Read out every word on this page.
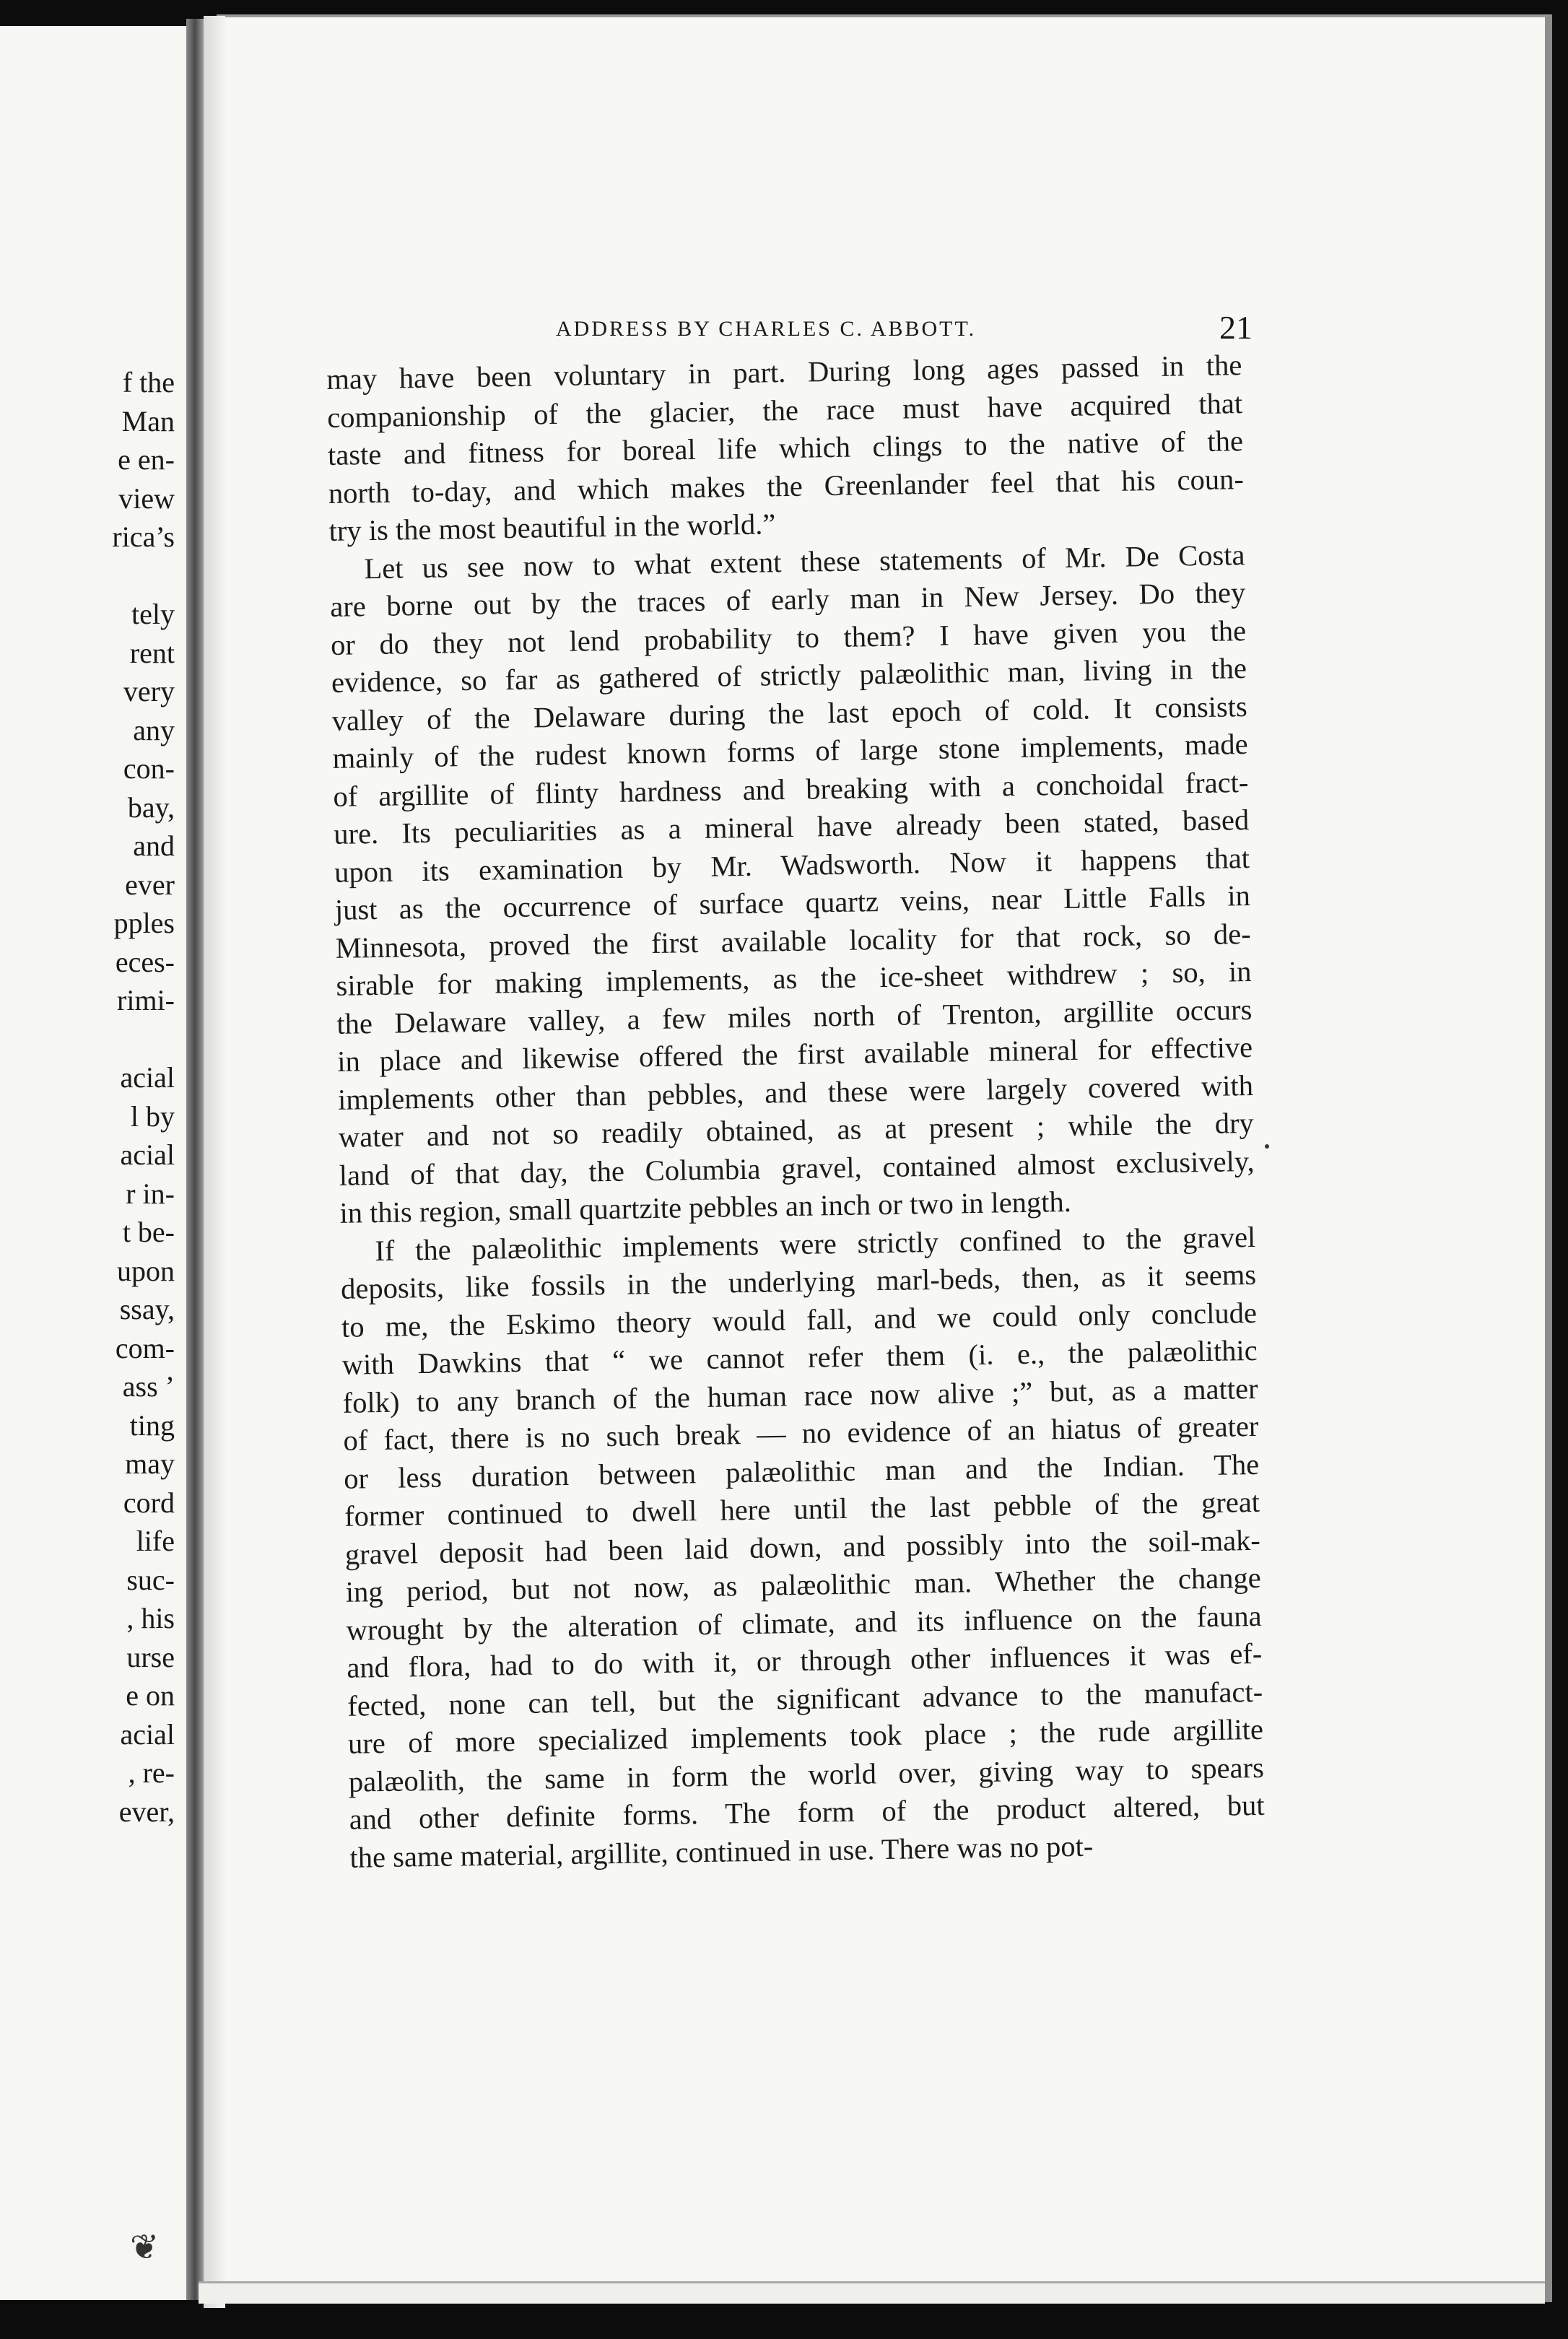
f the
Man
e en-
view
rica’s
tely
rent
very
any
con-
bay,
and
ever
pples
eces-
rimi-
acial
l by
acial
r in-
t be-
upon
ssay,
com-
ass ’
ting
may
cord
life
suc-
, his
urse
e on
acial
, re-
ever,
ADDRESS BY CHARLES C. ABBOTT.	21
may have been voluntary in part. During long ages passed in the
companionship of the glacier, the race must have acquired that
taste and fitness for boreal life which clings to the native of the
north to-day, and which makes the Greenlander feel that his coun-
try is the most beautiful in the world.”
Let us see now to what extent these statements of Mr. De Costa
are borne out by the traces of early man in New Jersey. Do they
or do they not lend probability to them? I have given you the
evidence, so far as gathered of strictly palæolithic man, living in the
valley of the Delaware during the last epoch of cold. It consists
mainly of the rudest known forms of large stone implements, made
of argillite of flinty hardness and breaking with a conchoidal fract-
ure. Its peculiarities as a mineral have already been stated, based
upon its examination by Mr. Wadsworth. Now it happens that
just as the occurrence of surface quartz veins, near Little Falls in
Minnesota, proved the first available locality for that rock, so de-
sirable for making implements, as the ice-sheet withdrew ; so, in
the Delaware valley, a few miles north of Trenton, argillite occurs
in place and likewise offered the first available mineral for effective
implements other than pebbles, and these were largely covered with
water and not so readily obtained, as at present ; while the dry
land of that day, the Columbia gravel, contained almost exclusively,
in this region, small quartzite pebbles an inch or two in length.
If the palæolithic implements were strictly confined to the gravel
deposits, like fossils in the underlying marl-beds, then, as it seems
to me, the Eskimo theory would fall, and we could only conclude
with Dawkins that “ we cannot refer them (i. e., the palæolithic
folk) to any branch of the human race now alive ;” but, as a matter
of fact, there is no such break — no evidence of an hiatus of greater
or less duration between palæolithic man and the Indian. The
former continued to dwell here until the last pebble of the great
gravel deposit had been laid down, and possibly into the soil-mak-
ing period, but not now, as palæolithic man. Whether the change
wrought by the alteration of climate, and its influence on the fauna
and flora, had to do with it, or through other influences it was ef-
fected, none can tell, but the significant advance to the manufact-
ure of more specialized implements took place ; the rude argillite
palæolith, the same in form the world over, giving way to spears
and other definite forms. The form of the product altered, but
the same material, argillite, continued in use. There was no pot-
❦
